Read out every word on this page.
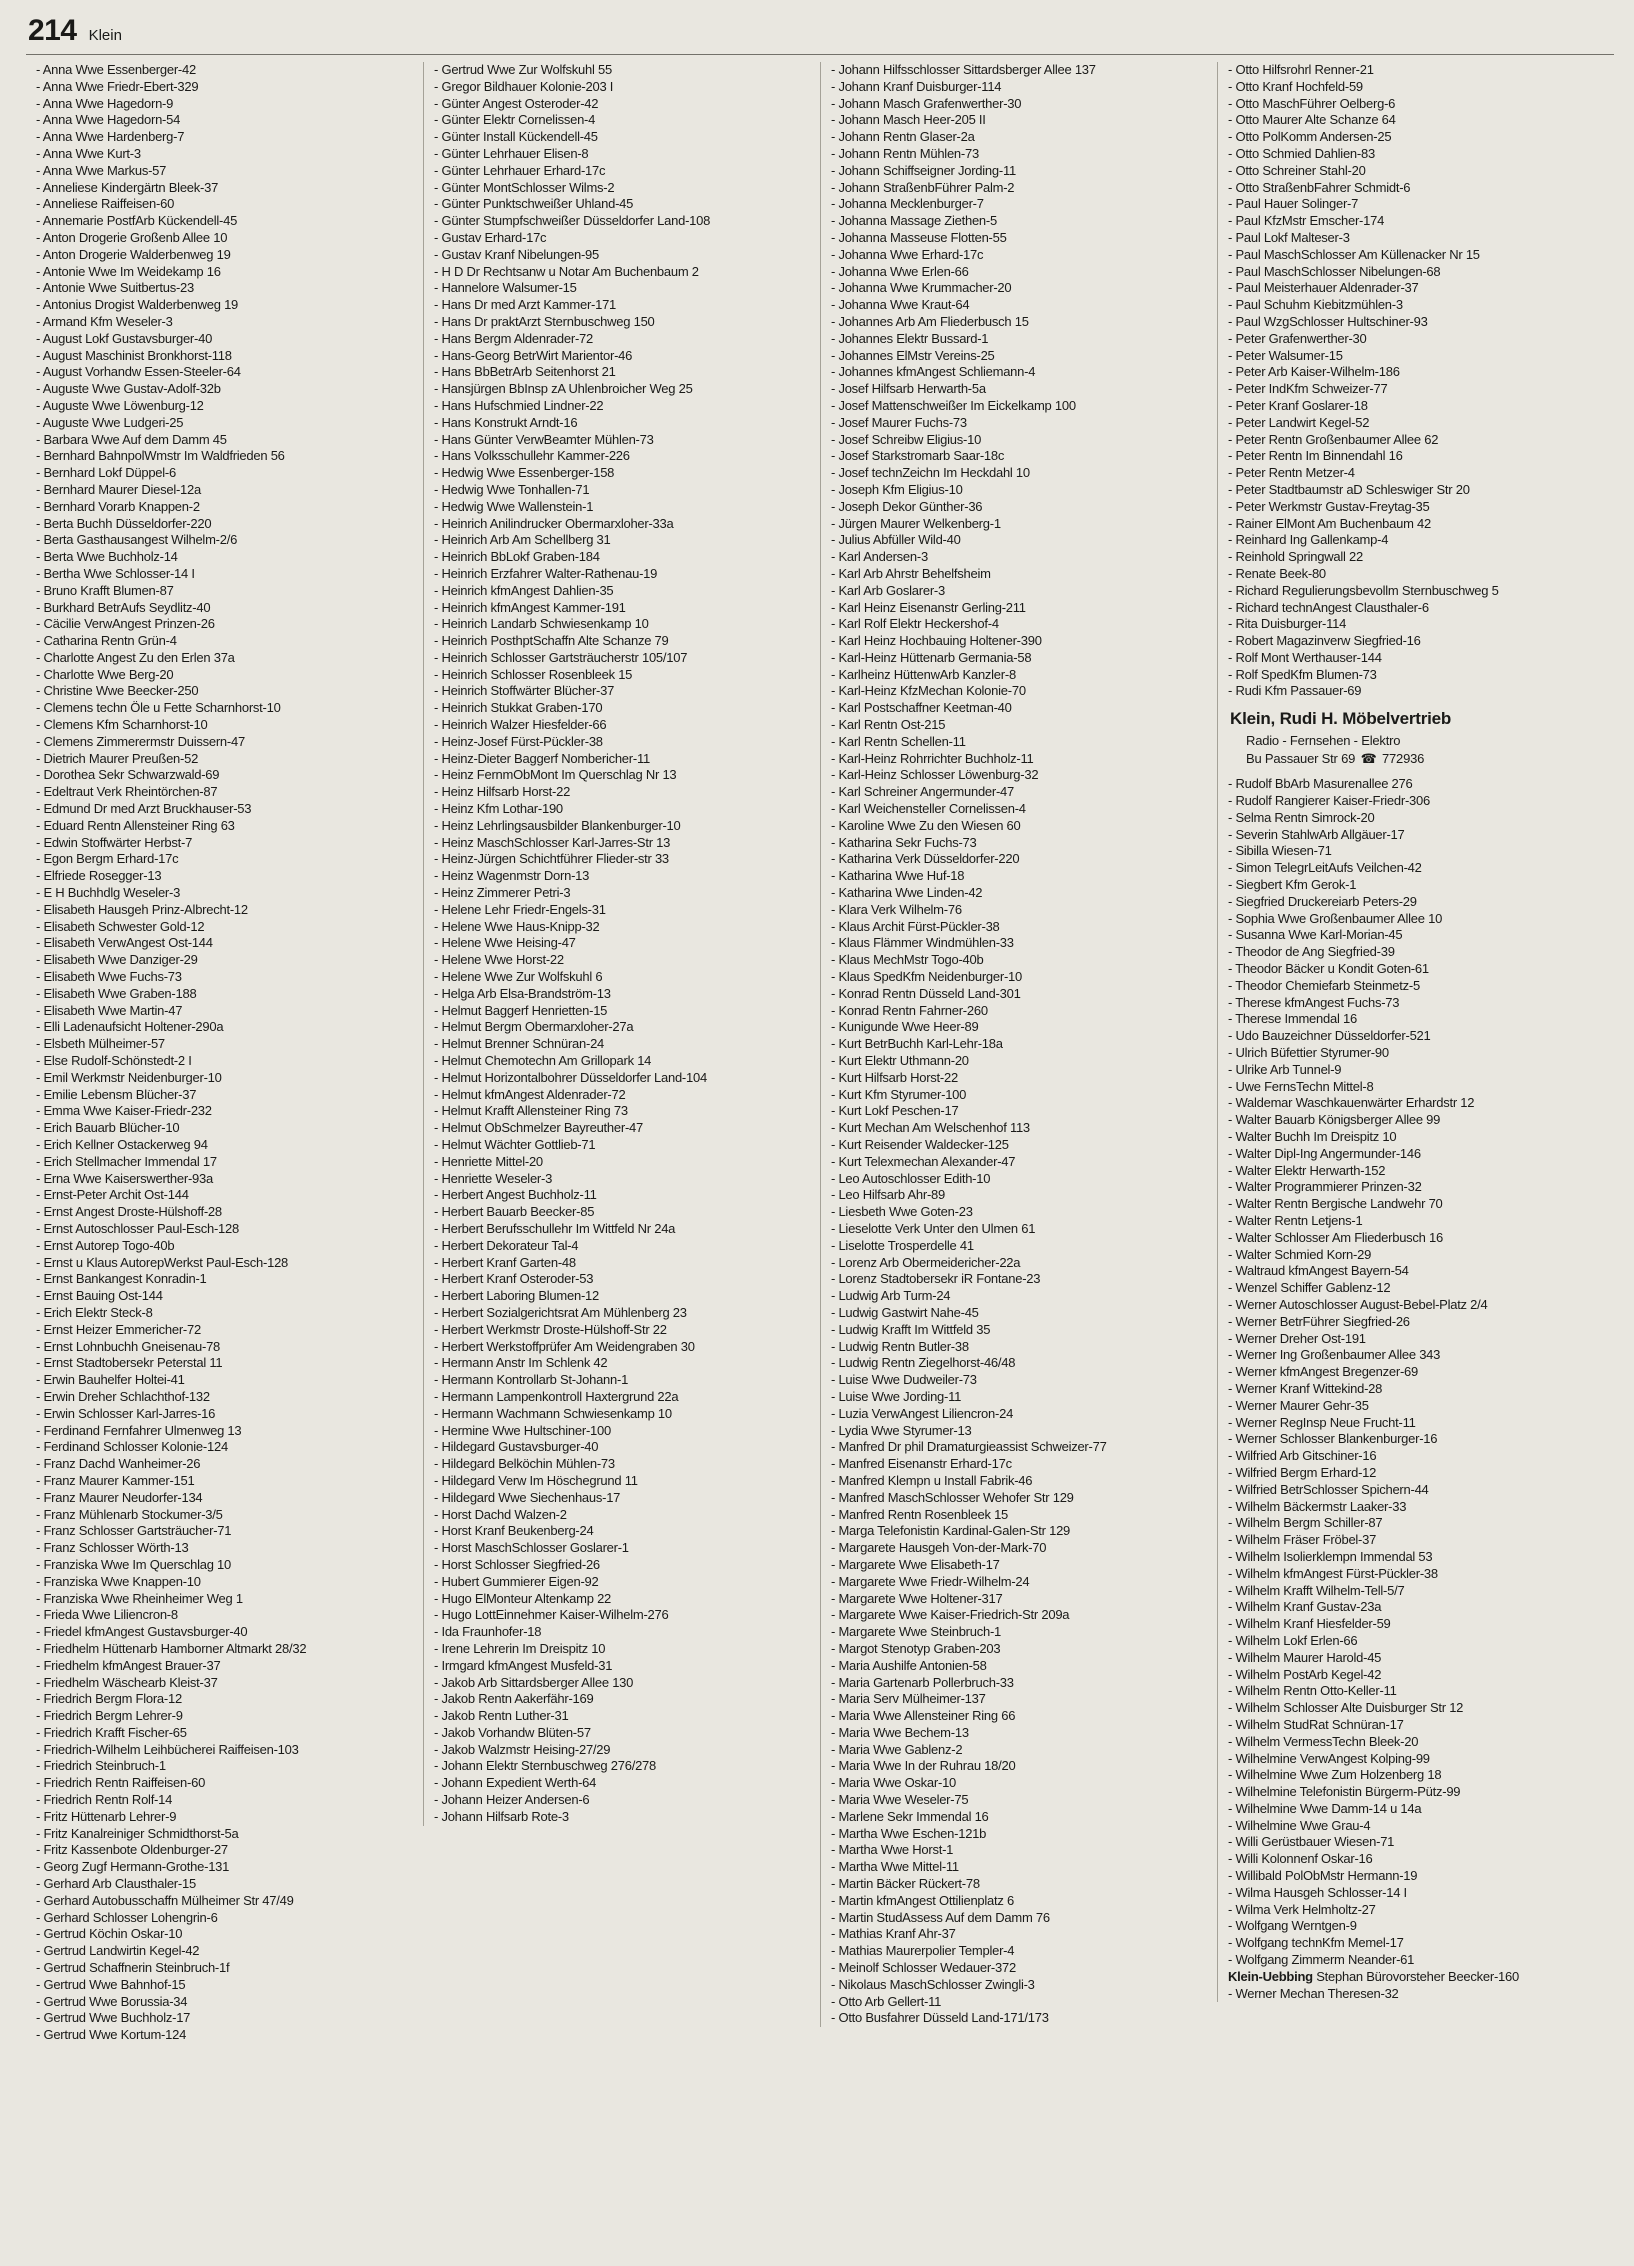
214 Klein
- Anna Wwe Essenberger-42
- Anna Wwe Friedr-Ebert-329
- Anna Wwe Hagedorn-9
- Anna Wwe Hagedorn-54
- Anna Wwe Hardenberg-7
- Anna Wwe Kurt-3
- Anna Wwe Markus-57
- Anneliese Kindergärtn Bleek-37
- Anneliese Raiffeisen-60
- Annemarie PostfArb Kückendell-45
- Anton Drogerie Großenb Allee 10
- Anton Drogerie Walderbenweg 19
- Antonie Wwe Im Weidekamp 16
- Antonie Wwe Suitbertus-23
- Antonius Drogist Walderbenweg 19
- Armand Kfm Weseler-3
- August Lokf Gustavsburger-40
- August Maschinist Bronkhorst-118
- August Vorhandw Essen-Steeler-64
- Auguste Wwe Gustav-Adolf-32b
- Auguste Wwe Löwenburg-12
- Auguste Wwe Ludgeri-25
- Barbara Wwe Auf dem Damm 45
- Bernhard BahnpolWmstr Im Waldfrieden 56
- Bernhard Lokf Düppel-6
- Bernhard Maurer Diesel-12a
- Bernhard Vorarb Knappen-2
- Berta Buchh Düsseldorfer-220
- Berta Gasthausangest Wilhelm-2/6
- Berta Wwe Buchholz-14
- Bertha Wwe Schlosser-14 I
- Bruno Krafft Blumen-87
- Burkhard BetrAufs Seydlitz-40
- Cäcilie VerwAngest Prinzen-26
- Catharina Rentn Grün-4
- Charlotte Angest Zu den Erlen 37a
- Charlotte Wwe Berg-20
- Christine Wwe Beecker-250
- Clemens techn Öle u Fette Scharnhorst-10
- Clemens Kfm Scharnhorst-10
- Clemens Zimmerermstr Duissern-47
- Dietrich Maurer Preußen-52
- Dorothea Sekr Schwarzwald-69
- Edeltraut Verk Rheintörchen-87
- Edmund Dr med Arzt Bruckhauser-53
- Eduard Rentn Allensteiner Ring 63
- Edwin Stoffwärter Herbst-7
- Egon Bergm Erhard-17c
- Elfriede Rosegger-13
- E H Buchhdlg Weseler-3
- Elisabeth Hausgeh Prinz-Albrecht-12
- Elisabeth Schwester Gold-12
- Elisabeth VerwAngest Ost-144
- Elisabeth Wwe Danziger-29
- Elisabeth Wwe Fuchs-73
- Elisabeth Wwe Graben-188
- Elisabeth Wwe Martin-47
- Elli Ladenaufsicht Holtener-290a
- Elsbeth Mülheimer-57
- Else Rudolf-Schönstedt-2 I
- Emil Werkmstr Neidenburger-10
- Emilie Lebensm Blücher-37
- Emma Wwe Kaiser-Friedr-232
- Erich Bauarb Blücher-10
- Erich Kellner Ostackerweg 94
- Erich Stellmacher Immendal 17
- Erna Wwe Kaiserswerther-93a
- Ernst-Peter Archit Ost-144
- Ernst Angest Droste-Hülshoff-28
- Ernst Autoschlosser Paul-Esch-128
- Ernst Autorep Togo-40b
- Ernst u Klaus AutorepWerkst Paul-Esch-128
- Ernst Bankangest Konradin-1
- Ernst Bauing Ost-144
- Erich Elektr Steck-8
- Ernst Heizer Emmericher-72
- Ernst Lohnbuchh Gneisenau-78
- Ernst Stadtobersekr Peterstal 11
- Erwin Bauhelfer Holtei-41
- Erwin Dreher Schlachthof-132
- Erwin Schlosser Karl-Jarres-16
- Ferdinand Fernfahrer Ulmenweg 13
- Ferdinand Schlosser Kolonie-124
- Franz Dachd Wanheimer-26
- Franz Maurer Kammer-151
- Franz Maurer Neudorfer-134
- Franz Mühlenarb Stockumer-3/5
- Franz Schlosser Gartsträucher-71
- Franz Schlosser Wörth-13
- Franziska Wwe Im Querschlag 10
- Franziska Wwe Knappen-10
- Franziska Wwe Rheinheimer Weg 1
- Frieda Wwe Liliencron-8
- Friedel kfmAngest Gustavsburger-40
- Friedhelm Hüttenarb Hamborner Altmarkt 28/32
- Friedhelm kfmAngest Brauer-37
- Friedhelm Wäschearb Kleist-37
- Friedrich Bergm Flora-12
- Friedrich Bergm Lehrer-9
- Friedrich Krafft Fischer-65
- Friedrich-Wilhelm Leihbücherei Raiffeisen-103
- Friedrich Steinbruch-1
- Friedrich Rentn Raiffeisen-60
- Friedrich Rentn Rolf-14
- Fritz Hüttenarb Lehrer-9
- Fritz Kanalreiniger Schmidthorst-5a
- Fritz Kassenbote Oldenburger-27
- Georg Zugf Hermann-Grothe-131
- Gerhard Arb Clausthaler-15
- Gerhard Autobusschaffn Mülheimer Str 47/49
- Gerhard Schlosser Lohengrin-6
- Gertrud Köchin Oskar-10
- Gertrud Landwirtin Kegel-42
- Gertrud Schaffnerin Steinbruch-1f
- Gertrud Wwe Bahnhof-15
- Gertrud Wwe Borussia-34
- Gertrud Wwe Buchholz-17
- Gertrud Wwe Kortum-124
- Gertrud Wwe Zur Wolfskuhl 55
- Gregor Bildhauer Kolonie-203 I
- Günter Angest Osteroder-42
- Günter Elektr Cornelissen-4
- Günter Install Kückendell-45
- Günter Lehrhauer Elisen-8
- Günter Lehrhauer Erhard-17c
- Günter MontSchlosser Wilms-2
- Günter Punktschweißer Uhland-45
- Günter Stumpfschweißer Düsseldorfer Land-108
- Gustav Erhard-17c
- Gustav Kranf Nibelungen-95
- H D Dr Rechtsanw u Notar Am Buchenbaum 2
- Hannelore Walsumer-15
- Hans Dr med Arzt Kammer-171
- Hans Dr praktArzt Sternbuschweg 150
- Hans Bergm Aldenrader-72
- Hans-Georg BetrWirt Marientor-46
- Hans BbBetrArb Seitenhorst 21
- Hansjürgen BbInsp zA Uhlenbroicher Weg 25
- Hans Hufschmied Lindner-22
- Hans Konstrukt Arndt-16
- Hans Günter VerwBeamter Mühlen-73
- Hans Volksschullehr Kammer-226
- Hedwig Wwe Essenberger-158
- Hedwig Wwe Tonhallen-71
- Hedwig Wwe Wallenstein-1
- Heinrich Anilindrucker Obermarxloher-33a
- Heinrich Arb Am Schellberg 31
- Heinrich BbLokf Graben-184
- Heinrich Erzfahrer Walter-Rathenau-19
- Heinrich kfmAngest Dahlien-35
- Heinrich kfmAngest Kammer-191
- Heinrich Landarb Schwiesenkamp 10
- Heinrich PosthptSchaffn Alte Schanze 79
- Heinrich Schlosser Gartsträucherstr 105/107
- Heinrich Schlosser Rosenbleek 15
- Heinrich Stoffwärter Blücher-37
- Heinrich Stukkat Graben-170
- Heinrich Walzer Hiesfelder-66
- Heinz-Josef Fürst-Pückler-38
- Heinz-Dieter Baggerf Nombericher-11
- Heinz FernmObMont Im Querschlag Nr 13
- Heinz Hilfsarb Horst-22
- Heinz Kfm Lothar-190
- Heinz Lehrlingsausbilder Blankenburger-10
- Heinz MaschSchlosser Karl-Jarres-Str 13
- Heinz-Jürgen Schichtführer Flieder-str 33
- Heinz Wagenmstr Dorn-13
- Heinz Zimmerer Petri-3
- Helene Lehr Friedr-Engels-31
- Helene Wwe Haus-Knipp-32
- Helene Wwe Heising-47
- Helene Wwe Horst-22
- Helene Wwe Zur Wolfskuhl 6
- Helga Arb Elsa-Brandström-13
- Helmut Baggerf Henrietten-15
- Helmut Bergm Obermarxloher-27a
- Helmut Brenner Schnüran-24
- Helmut Chemotechn Am Grillopark 14
- Helmut Horizontalbohrer Düsseldorfer Land-104
- Helmut kfmAngest Aldenrader-72
- Helmut Krafft Allensteiner Ring 73
- Helmut ObSchmelzer Bayreuther-47
- Helmut Wächter Gottlieb-71
- Henriette Mittel-20
- Henriette Weseler-3
- Herbert Angest Buchholz-11
- Herbert Bauarb Beecker-85
- Herbert Berufsschullehr Im Wittfeld Nr 24a
- Herbert Dekorateur Tal-4
- Herbert Kranf Garten-48
- Herbert Kranf Osteroder-53
- Herbert Laboring Blumen-12
- Herbert Sozialgerichtsrat Am Mühlenberg 23
- Herbert Werkmstr Droste-Hülshoff-Str 22
- Herbert Werkstoffprüfer Am Weidengraben 30
- Hermann Anstr Im Schlenk 42
- Hermann Kontrollarb St-Johann-1
- Hermann Lampenkontroll Haxtergrund 22a
- Hermann Wachmann Schwiesenkamp 10
- Hermine Wwe Hultschiner-100
- Hildegard Gustavsburger-40
- Hildegard Belköchin Mühlen-73
- Hildegard Verw Im Höschegrund 11
- Hildegard Wwe Siechenhaus-17
- Horst Dachd Walzen-2
- Horst Kranf Beukenberg-24
- Horst MaschSchlosser Goslarer-1
- Horst Schlosser Siegfried-26
- Hubert Gummierer Eigen-92
- Hugo ElMonteur Altenkamp 22
- Hugo LottEinnehmer Kaiser-Wilhelm-276
- Ida Fraunhofer-18
- Irene Lehrerin Im Dreispitz 10
- Irmgard kfmAngest Musfeld-31
- Jakob Arb Sittardsberger Allee 130
- Jakob Rentn Aakerfähr-169
- Jakob Rentn Luther-31
- Jakob Vorhandw Blüten-57
- Jakob Walzmstr Heising-27/29
- Johann Elektr Sternbuschweg 276/278
- Johann Expedient Werth-64
- Johann Heizer Andersen-6
- Johann Hilfsarb Rote-3
- Johann Hilfsschlosser Sittardsberger Allee 137
- Johann Kranf Duisburger-114
- Johann Masch Grafenwerther-30
- Johann Masch Heer-205 II
- Johann Rentn Glaser-2a
- Johann Rentn Mühlen-73
- Johann Schiffseigner Jording-11
- Johann StraßenbFührer Palm-2
- Johanna Mecklenburger-7
- Johanna Massage Ziethen-5
- Johanna Masseuse Flotten-55
- Johanna Wwe Erhard-17c
- Johanna Wwe Erlen-66
- Johanna Wwe Krummacher-20
- Johanna Wwe Kraut-64
- Johannes Arb Am Fliederbusch 15
- Johannes Elektr Bussard-1
- Johannes ElMstr Vereins-25
- Johannes kfmAngest Schliemann-4
- Josef Hilfsarb Herwarth-5a
- Josef Mattenschweißer Im Eickelkamp 100
- Josef Maurer Fuchs-73
- Josef Schreibw Eligius-10
- Josef Starkstromarb Saar-18c
- Josef technZeichn Im Heckdahl 10
- Joseph Kfm Eligius-10
- Joseph Dekor Günther-36
- Jürgen Maurer Welkenberg-1
- Julius Abfüller Wild-40
- Karl Andersen-3
- Karl Arb Ahrstr Behelfsheim
- Karl Arb Goslarer-3
- Karl Heinz Eisenanstr Gerling-211
- Karl Rolf Elektr Heckershof-4
- Karl Heinz Hochbauing Holtener-390
- Karl-Heinz Hüttenarb Germania-58
- Karlheinz HüttenwArb Kanzler-8
- Karl-Heinz KfzMechan Kolonie-70
- Karl Postschaffner Keetman-40
- Karl Rentn Ost-215
- Karl Rentn Schellen-11
- Karl-Heinz Rohrrichter Buchholz-11
- Karl-Heinz Schlosser Löwenburg-32
- Karl Schreiner Angermunder-47
- Karl Weichensteller Cornelissen-4
- Karoline Wwe Zu den Wiesen 60
- Katharina Sekr Fuchs-73
- Katharina Verk Düsseldorfer-220
- Katharina Wwe Huf-18
- Katharina Wwe Linden-42
- Klara Verk Wilhelm-76
- Klaus Archit Fürst-Pückler-38
- Klaus Flämmer Windmühlen-33
- Klaus MechMstr Togo-40b
- Klaus SpedKfm Neidenburger-10
- Konrad Rentn Düsseld Land-301
- Konrad Rentn Fahrner-260
- Kunigunde Wwe Heer-89
- Kurt BetrBuchh Karl-Lehr-18a
- Kurt Elektr Uthmann-20
- Kurt Hilfsarb Horst-22
- Kurt Kfm Styrumer-100
- Kurt Lokf Peschen-17
- Kurt Mechan Am Welschenhof 113
- Kurt Reisender Waldecker-125
- Kurt Telexmechan Alexander-47
- Leo Autoschlosser Edith-10
- Leo Hilfsarb Ahr-89
- Liesbeth Wwe Goten-23
- Lieselotte Verk Unter den Ulmen 61
- Liselotte Trosperdelle 41
- Lorenz Arb Obermeidericher-22a
- Lorenz Stadtobersekr iR Fontane-23
- Ludwig Arb Turm-24
- Ludwig Gastwirt Nahe-45
- Ludwig Krafft Im Wittfeld 35
- Ludwig Rentn Butler-38
- Ludwig Rentn Ziegelhorst-46/48
- Luise Wwe Dudweiler-73
- Luise Wwe Jording-11
- Luzia VerwAngest Liliencron-24
- Lydia Wwe Styrumer-13
- Manfred Dr phil Dramaturgieassist Schweizer-77
- Manfred Eisenanstr Erhard-17c
- Manfred Klempn u Install Fabrik-46
- Manfred MaschSchlosser Wehofer Str 129
- Manfred Rentn Rosenbleek 15
- Marga Telefonistin Kardinal-Galen-Str 129
- Margarete Hausgeh Von-der-Mark-70
- Margarete Wwe Elisabeth-17
- Margarete Wwe Friedr-Wilhelm-24
- Margarete Wwe Holtener-317
- Margarete Wwe Kaiser-Friedrich-Str 209a
- Margarete Wwe Steinbruch-1
- Margot Stenotyp Graben-203
- Maria Aushilfe Antonien-58
- Maria Gartenarb Pollerbruch-33
- Maria Serv Mülheimer-137
- Maria Wwe Allensteiner Ring 66
- Maria Wwe Bechem-13
- Maria Wwe Gablenz-2
- Maria Wwe In der Ruhrau 18/20
- Maria Wwe Oskar-10
- Maria Wwe Weseler-75
- Marlene Sekr Immendal 16
- Martha Wwe Eschen-121b
- Martha Wwe Horst-1
- Martha Wwe Mittel-11
- Martin Bäcker Rückert-78
- Martin kfmAngest Ottilienplatz 6
- Martin StudAssess Auf dem Damm 76
- Mathias Kranf Ahr-37
- Mathias Maurerpolier Templer-4
- Meinolf Schlosser Wedauer-372
- Nikolaus MaschSchlosser Zwingli-3
- Otto Arb Gellert-11
- Otto Busfahrer Düsseld Land-171/173
- Otto Hilfsrohrl Renner-21
- Otto Kranf Hochfeld-59
- Otto MaschFührer Oelberg-6
- Otto Maurer Alte Schanze 64
- Otto PolKomm Andersen-25
- Otto Schmied Dahlien-83
- Otto Schreiner Stahl-20
- Otto StraßenbFahrer Schmidt-6
- Paul Hauer Solinger-7
- Paul KfzMstr Emscher-174
- Paul Lokf Malteser-3
- Paul MaschSchlosser Am Küllenacker Nr 15
- Paul MaschSchlosser Nibelungen-68
- Paul Meisterhauer Aldenrader-37
- Paul Schuhm Kiebitzmühlen-3
- Paul WzgSchlosser Hultschiner-93
- Peter Grafenwerther-30
- Peter Walsumer-15
- Peter Arb Kaiser-Wilhelm-186
- Peter IndKfm Schweizer-77
- Peter Kranf Goslarer-18
- Peter Landwirt Kegel-52
- Peter Rentn Großenbaumer Allee 62
- Peter Rentn Im Binnendahl 16
- Peter Rentn Metzer-4
- Peter Stadtbaumstr aD Schleswiger Str 20
- Peter Werkmstr Gustav-Freytag-35
- Rainer ElMont Am Buchenbaum 42
- Reinhard Ing Gallenkamp-4
- Reinhold Springwall 22
- Renate Beek-80
- Richard Regulierungsbevollm Sternbuschweg 5
- Richard technAngest Clausthaler-6
- Rita Duisburger-114
- Robert Magazinverw Siegfried-16
- Rolf Mont Werthauser-144
- Rolf SpedKfm Blumen-73
- Rudi Kfm Passauer-69
Klein, Rudi H. Möbelvertrieb
Radio - Fernsehen - Elektro
Bu Passauer Str 69 ☎ 772936
- Rudolf BbArb Masurenallee 276
- Rudolf Rangierer Kaiser-Friedr-306
- Selma Rentn Simrock-20
- Severin StahlwArb Allgäuer-17
- Sibilla Wiesen-71
- Simon TelegrLeitAufs Veilchen-42
- Siegbert Kfm Gerok-1
- Siegfried Druckereiarb Peters-29
- Sophia Wwe Großenbaumer Allee 10
- Susanna Wwe Karl-Morian-45
- Theodor de Ang Siegfried-39
- Theodor Bäcker u Kondit Goten-61
- Theodor Chemiefarb Steinmetz-5
- Therese kfmAngest Fuchs-73
- Therese Immendal 16
- Udo Bauzeichner Düsseldorfer-521
- Ulrich Büfettier Styrumer-90
- Ulrike Arb Tunnel-9
- Uwe FernsTechn Mittel-8
- Waldemar Waschkauenwärter Erhardstr 12
- Walter Bauarb Königsberger Allee 99
- Walter Buchh Im Dreispitz 10
- Walter Dipl-Ing Angermunder-146
- Walter Elektr Herwarth-152
- Walter Programmierer Prinzen-32
- Walter Rentn Bergische Landwehr 70
- Walter Rentn Letjens-1
- Walter Schlosser Am Fliederbusch 16
- Walter Schmied Korn-29
- Waltraud kfmAngest Bayern-54
- Wenzel Schiffer Gablenz-12
- Werner Autoschlosser August-Bebel-Platz 2/4
- Werner BetrFührer Siegfried-26
- Werner Dreher Ost-191
- Werner Ing Großenbaumer Allee 343
- Werner kfmAngest Bregenzer-69
- Werner Kranf Wittekind-28
- Werner Maurer Gehr-35
- Werner RegInsp Neue Frucht-11
- Werner Schlosser Blankenburger-16
- Wilfried Arb Gitschiner-16
- Wilfried Bergm Erhard-12
- Wilfried BetrSchlosser Spichern-44
- Wilhelm Bäckermstr Laaker-33
- Wilhelm Bergm Schiller-87
- Wilhelm Fräser Fröbel-37
- Wilhelm Isolierklempn Immendal 53
- Wilhelm kfmAngest Fürst-Pückler-38
- Wilhelm Krafft Wilhelm-Tell-5/7
- Wilhelm Kranf Gustav-23a
- Wilhelm Kranf Hiesfelder-59
- Wilhelm Lokf Erlen-66
- Wilhelm Maurer Harold-45
- Wilhelm PostArb Kegel-42
- Wilhelm Rentn Otto-Keller-11
- Wilhelm Schlosser Alte Duisburger Str 12
- Wilhelm StudRat Schnüran-17
- Wilhelm VermessTechn Bleek-20
- Wilhelmine VerwAngest Kolping-99
- Wilhelmine Wwe Zum Holzenberg 18
- Wilhelmine Telefonistin Bürgerm-Pütz-99
- Wilhelmine Wwe Damm-14 u 14a
- Wilhelmine Wwe Grau-4
- Willi Gerüstbauer Wiesen-71
- Willi Kolonnenf Oskar-16
- Willibald PolObMstr Hermann-19
- Wilma Hausgeh Schlosser-14 I
- Wilma Verk Helmholtz-27
- Wolfgang Werntgen-9
- Wolfgang technKfm Memel-17
- Wolfgang Zimmerm Neander-61
Klein-Uebbing Stephan Bürovorsteher Beecker-160
- Werner Mechan Theresen-32
